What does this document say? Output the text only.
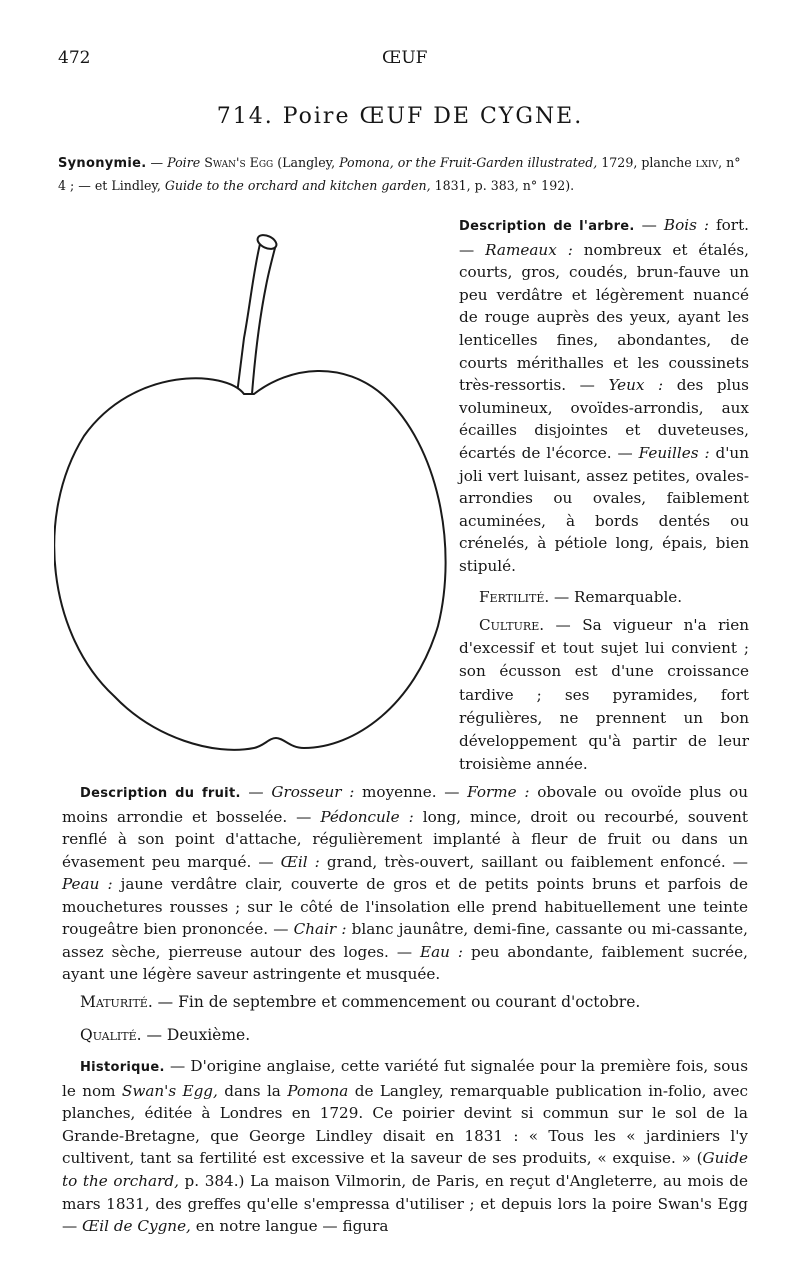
472	ŒUF
714. Poire ŒUF DE CYGNE.

Synonymie. — Poire Swan's Egg (Langley, Pomona, or the Fruit-Garden illustrated, 1729, planche lxiv, n° 4 ; — et Lindley, Guide to the orchard and kitchen garden, 1831, p. 383, n° 192).

Description de l'arbre. — Bois : fort. — Rameaux : nombreux et étalés, courts, gros, coudés, brun-fauve un peu verdâtre et légèrement nuancé de rouge auprès des yeux, ayant les lenticelles fines, abondantes, de courts mérithalles et les coussinets très-ressortis. — Yeux : des plus volumineux, ovoïdes-arrondis, aux écailles disjointes et duveteuses, écartés de l'écorce. — Feuilles : d'un joli vert luisant, assez petites, ovales-arrondies ou ovales, faiblement acuminées, à bords dentés ou crénelés, à pétiole long, épais, bien stipulé.

Fertilité. — Remarquable.

Culture. — Sa vigueur n'a rien d'excessif et tout sujet lui convient ; son écusson est d'une croissance tardive ; ses pyramides, fort régulières, ne prennent un bon développement qu'à partir de leur troisième année.

Description du fruit. — Grosseur : moyenne. — Forme : obovale ou ovoïde plus ou moins arrondie et bosselée. — Pédoncule : long, mince, droit ou recourbé, souvent renflé à son point d'attache, régulièrement implanté à fleur de fruit ou dans un évasement peu marqué. — Œil : grand, très-ouvert, saillant ou faiblement enfoncé. — Peau : jaune verdâtre clair, couverte de gros et de petits points bruns et parfois de mouchetures rousses ; sur le côté de l'insolation elle prend habituellement une teinte rougeâtre bien prononcée. — Chair : blanc jaunâtre, demi-fine, cassante ou mi-cassante, assez sèche, pierreuse autour des loges. — Eau : peu abondante, faiblement sucrée, ayant une légère saveur astringente et musquée.

Maturité. — Fin de septembre et commencement ou courant d'octobre.

Qualité. — Deuxième.

Historique. — D'origine anglaise, cette variété fut signalée pour la première fois, sous le nom Swan's Egg, dans la Pomona de Langley, remarquable publication in-folio, avec planches, éditée à Londres en 1729. Ce poirier devint si commun sur le sol de la Grande-Bretagne, que George Lindley disait en 1831 : « Tous les « jardiniers l'y cultivent, tant sa fertilité est excessive et la saveur de ses produits, « exquise. » (Guide to the orchard, p. 384.) La maison Vilmorin, de Paris, en reçut d'Angleterre, au mois de mars 1831, des greffes qu'elle s'empressa d'utiliser ; et depuis lors la poire Swan's Egg — Œil de Cygne, en notre langue — figura
